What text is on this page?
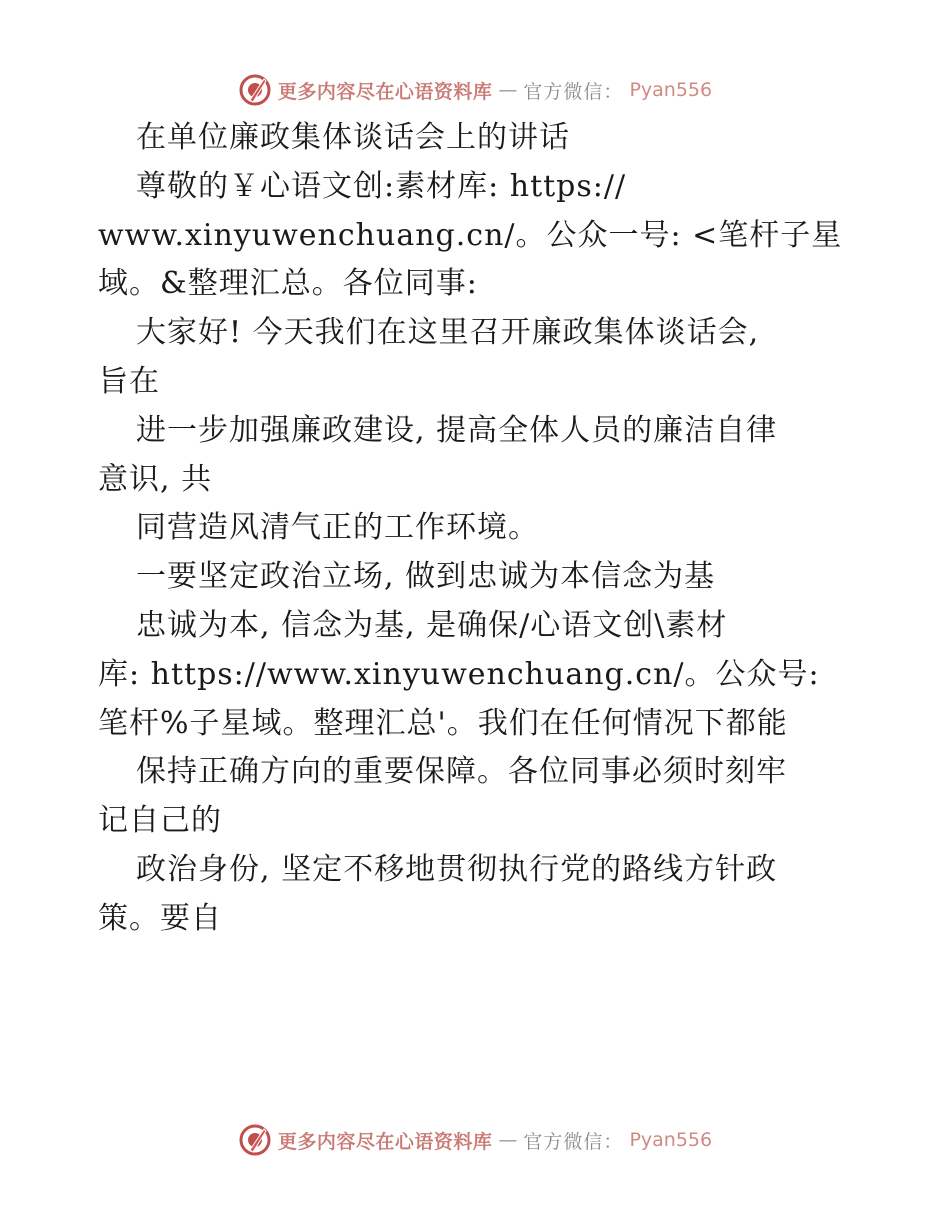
更多内容尽在心语资料库 — 官方微信： Pyan556
在单位廉政集体谈话会上的讲话
尊敬的￥心语文创:素材库: https://
www.xinyuwenchuang.cn/。公众一号: <笔杆子星
域。&整理汇总。各位同事:
大家好! 今天我们在这里召开廉政集体谈话会,
旨在
进一步加强廉政建设, 提高全体人员的廉洁自律
意识, 共
同营造风清气正的工作环境。
一要坚定政治立场, 做到忠诚为本信念为基
忠诚为本, 信念为基, 是确保/心语文创\素材
库: https://www.xinyuwenchuang.cn/。公众号:
笔杆%子星域。整理汇总'。我们在任何情况下都能
保持正确方向的重要保障。各位同事必须时刻牢
记自己的
政治身份, 坚定不移地贯彻执行党的路线方针政
策。要自
更多内容尽在心语资料库 — 官方微信： Pyan556
